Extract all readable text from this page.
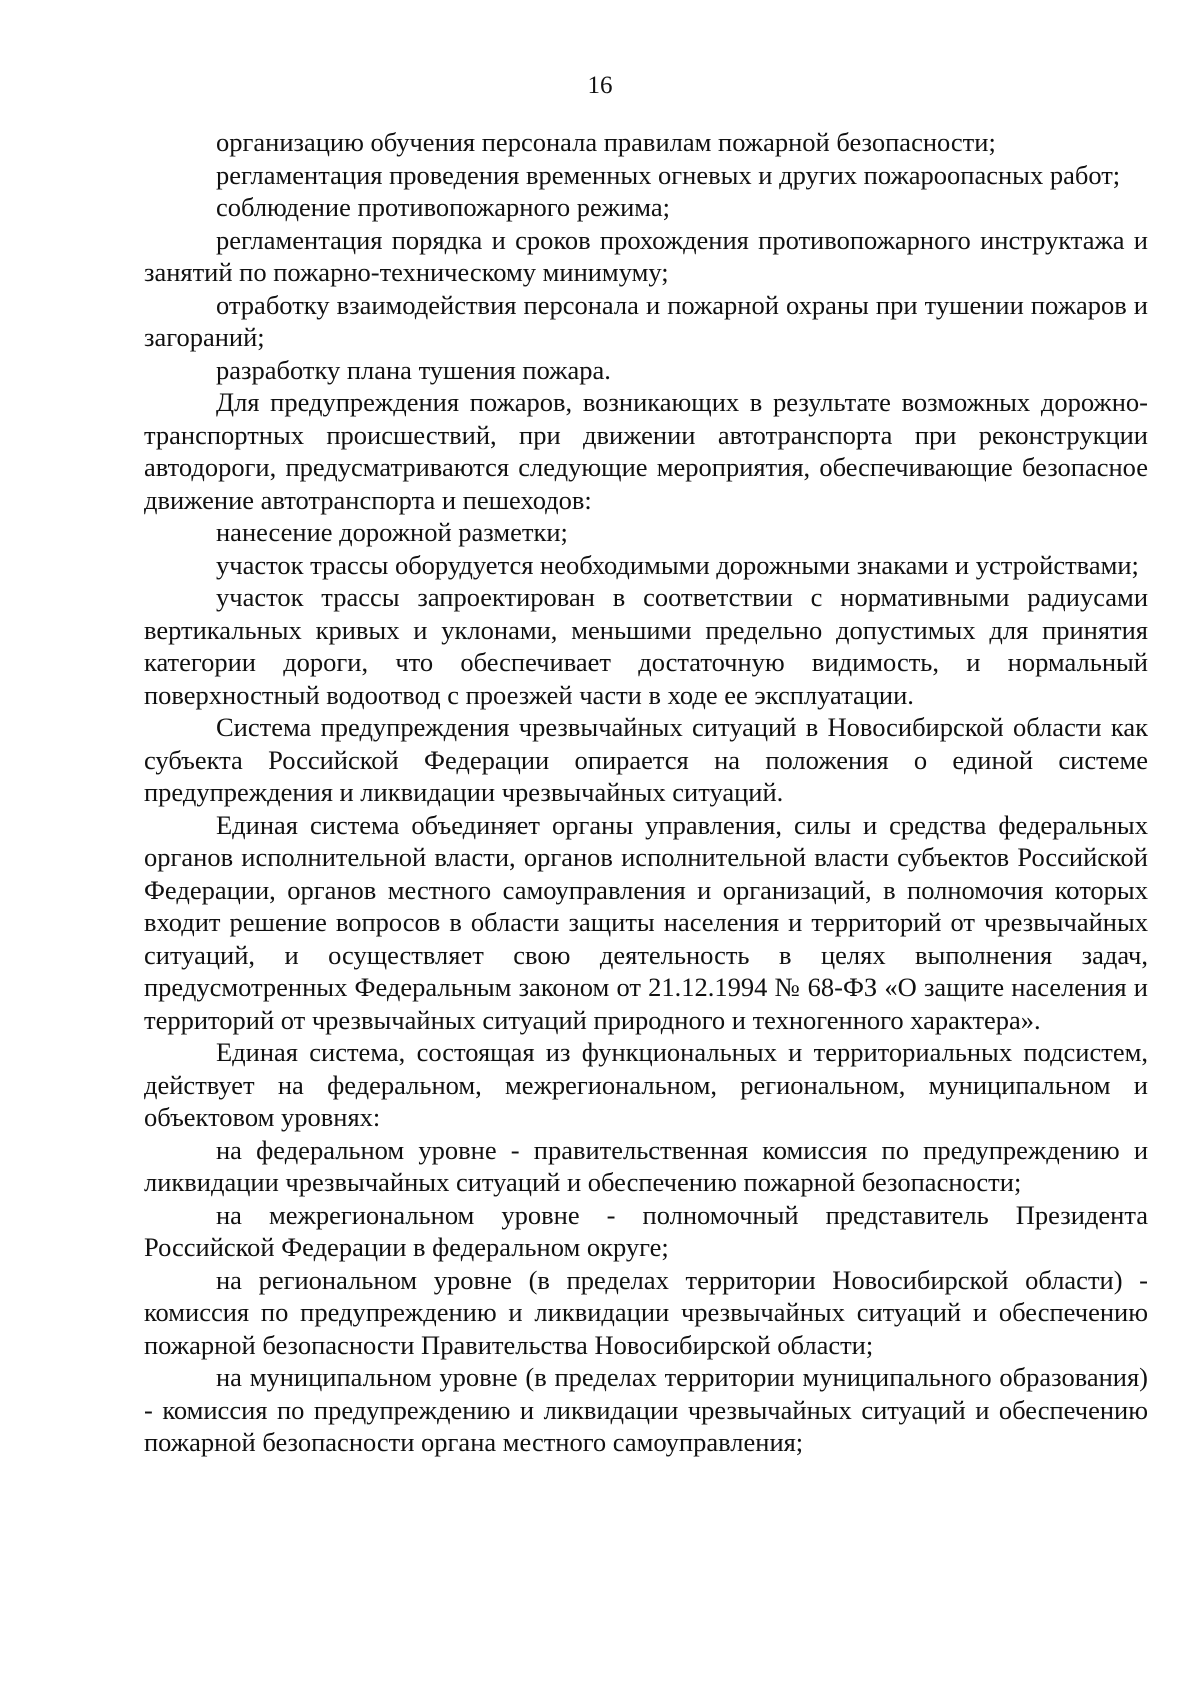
16

организацию обучения персонала правилам пожарной безопасности;

регламентация проведения временных огневых и других пожароопасных работ;

соблюдение противопожарного режима;

регламентация порядка и сроков прохождения противопожарного инструктажа и занятий по пожарно-техническому минимуму;

отработку взаимодействия персонала и пожарной охраны при тушении пожаров и загораний;

разработку плана тушения пожара.

Для предупреждения пожаров, возникающих в результате возможных дорожно-транспортных происшествий, при движении автотранспорта при реконструкции автодороги, предусматриваются следующие мероприятия, обеспечивающие безопасное движение автотранспорта и пешеходов:

нанесение дорожной разметки;

участок трассы оборудуется необходимыми дорожными знаками и устройствами;

участок трассы запроектирован в соответствии с нормативными радиусами вертикальных кривых и уклонами, меньшими предельно допустимых для принятия категории дороги, что обеспечивает достаточную видимость, и нормальный поверхностный водоотвод с проезжей части в ходе ее эксплуатации.

Система предупреждения чрезвычайных ситуаций в Новосибирской области как субъекта Российской Федерации опирается на положения о единой системе предупреждения и ликвидации чрезвычайных ситуаций.

Единая система объединяет органы управления, силы и средства федеральных органов исполнительной власти, органов исполнительной власти субъектов Российской Федерации, органов местного самоуправления и организаций, в полномочия которых входит решение вопросов в области защиты населения и территорий от чрезвычайных ситуаций, и осуществляет свою деятельность в целях выполнения задач, предусмотренных Федеральным законом от 21.12.1994 № 68-ФЗ «О защите населения и территорий от чрезвычайных ситуаций природного и техногенного характера».

Единая система, состоящая из функциональных и территориальных подсистем, действует на федеральном, межрегиональном, региональном, муниципальном и объектовом уровнях:

на федеральном уровне - правительственная комиссия по предупреждению и ликвидации чрезвычайных ситуаций и обеспечению пожарной безопасности;

на межрегиональном уровне - полномочный представитель Президента Российской Федерации в федеральном округе;

на региональном уровне (в пределах территории Новосибирской области) - комиссия по предупреждению и ликвидации чрезвычайных ситуаций и обеспечению пожарной безопасности Правительства Новосибирской области;

на муниципальном уровне (в пределах территории муниципального образования) - комиссия по предупреждению и ликвидации чрезвычайных ситуаций и обеспечению пожарной безопасности органа местного самоуправления;
